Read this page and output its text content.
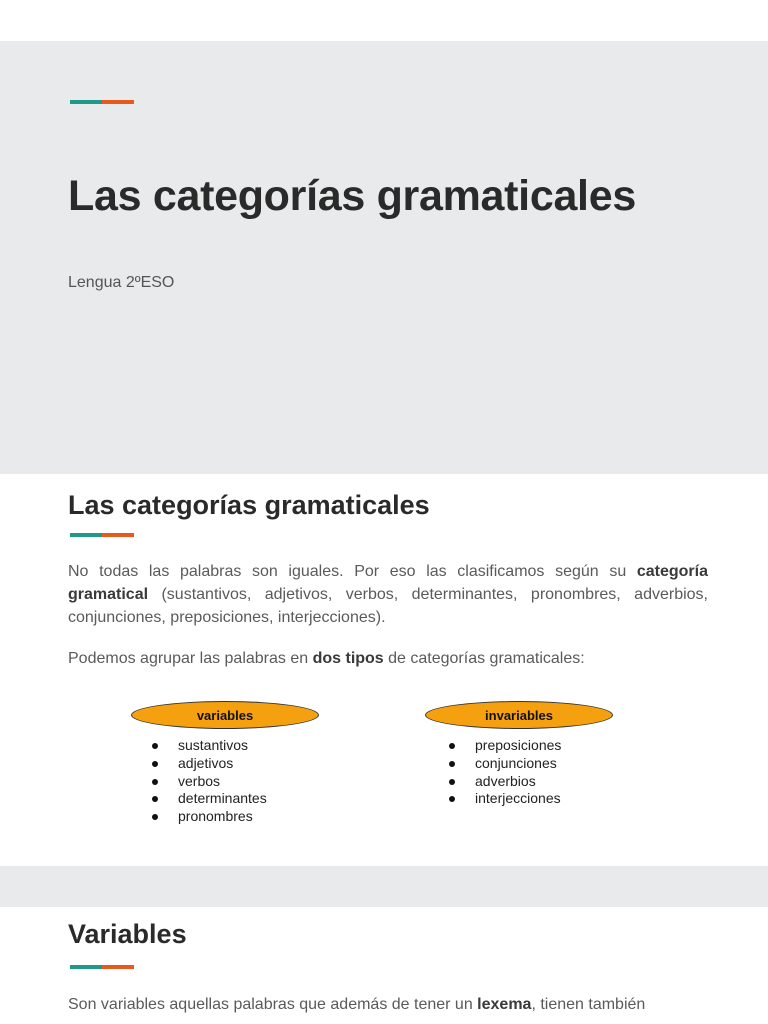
Las categorías gramaticales

Lengua 2ºESO

Las categorías gramaticales

No todas las palabras son iguales. Por eso las clasificamos según su categoría gramatical (sustantivos, adjetivos, verbos, determinantes, pronombres, adverbios, conjunciones, preposiciones, interjecciones).

Podemos agrupar las palabras en dos tipos de categorías gramaticales:

variables
sustantivos
adjetivos
verbos
determinantes
pronombres
invariables
preposiciones
conjunciones
adverbios
interjecciones
Variables

Son variables aquellas palabras que además de tener un lexema, tienen también
